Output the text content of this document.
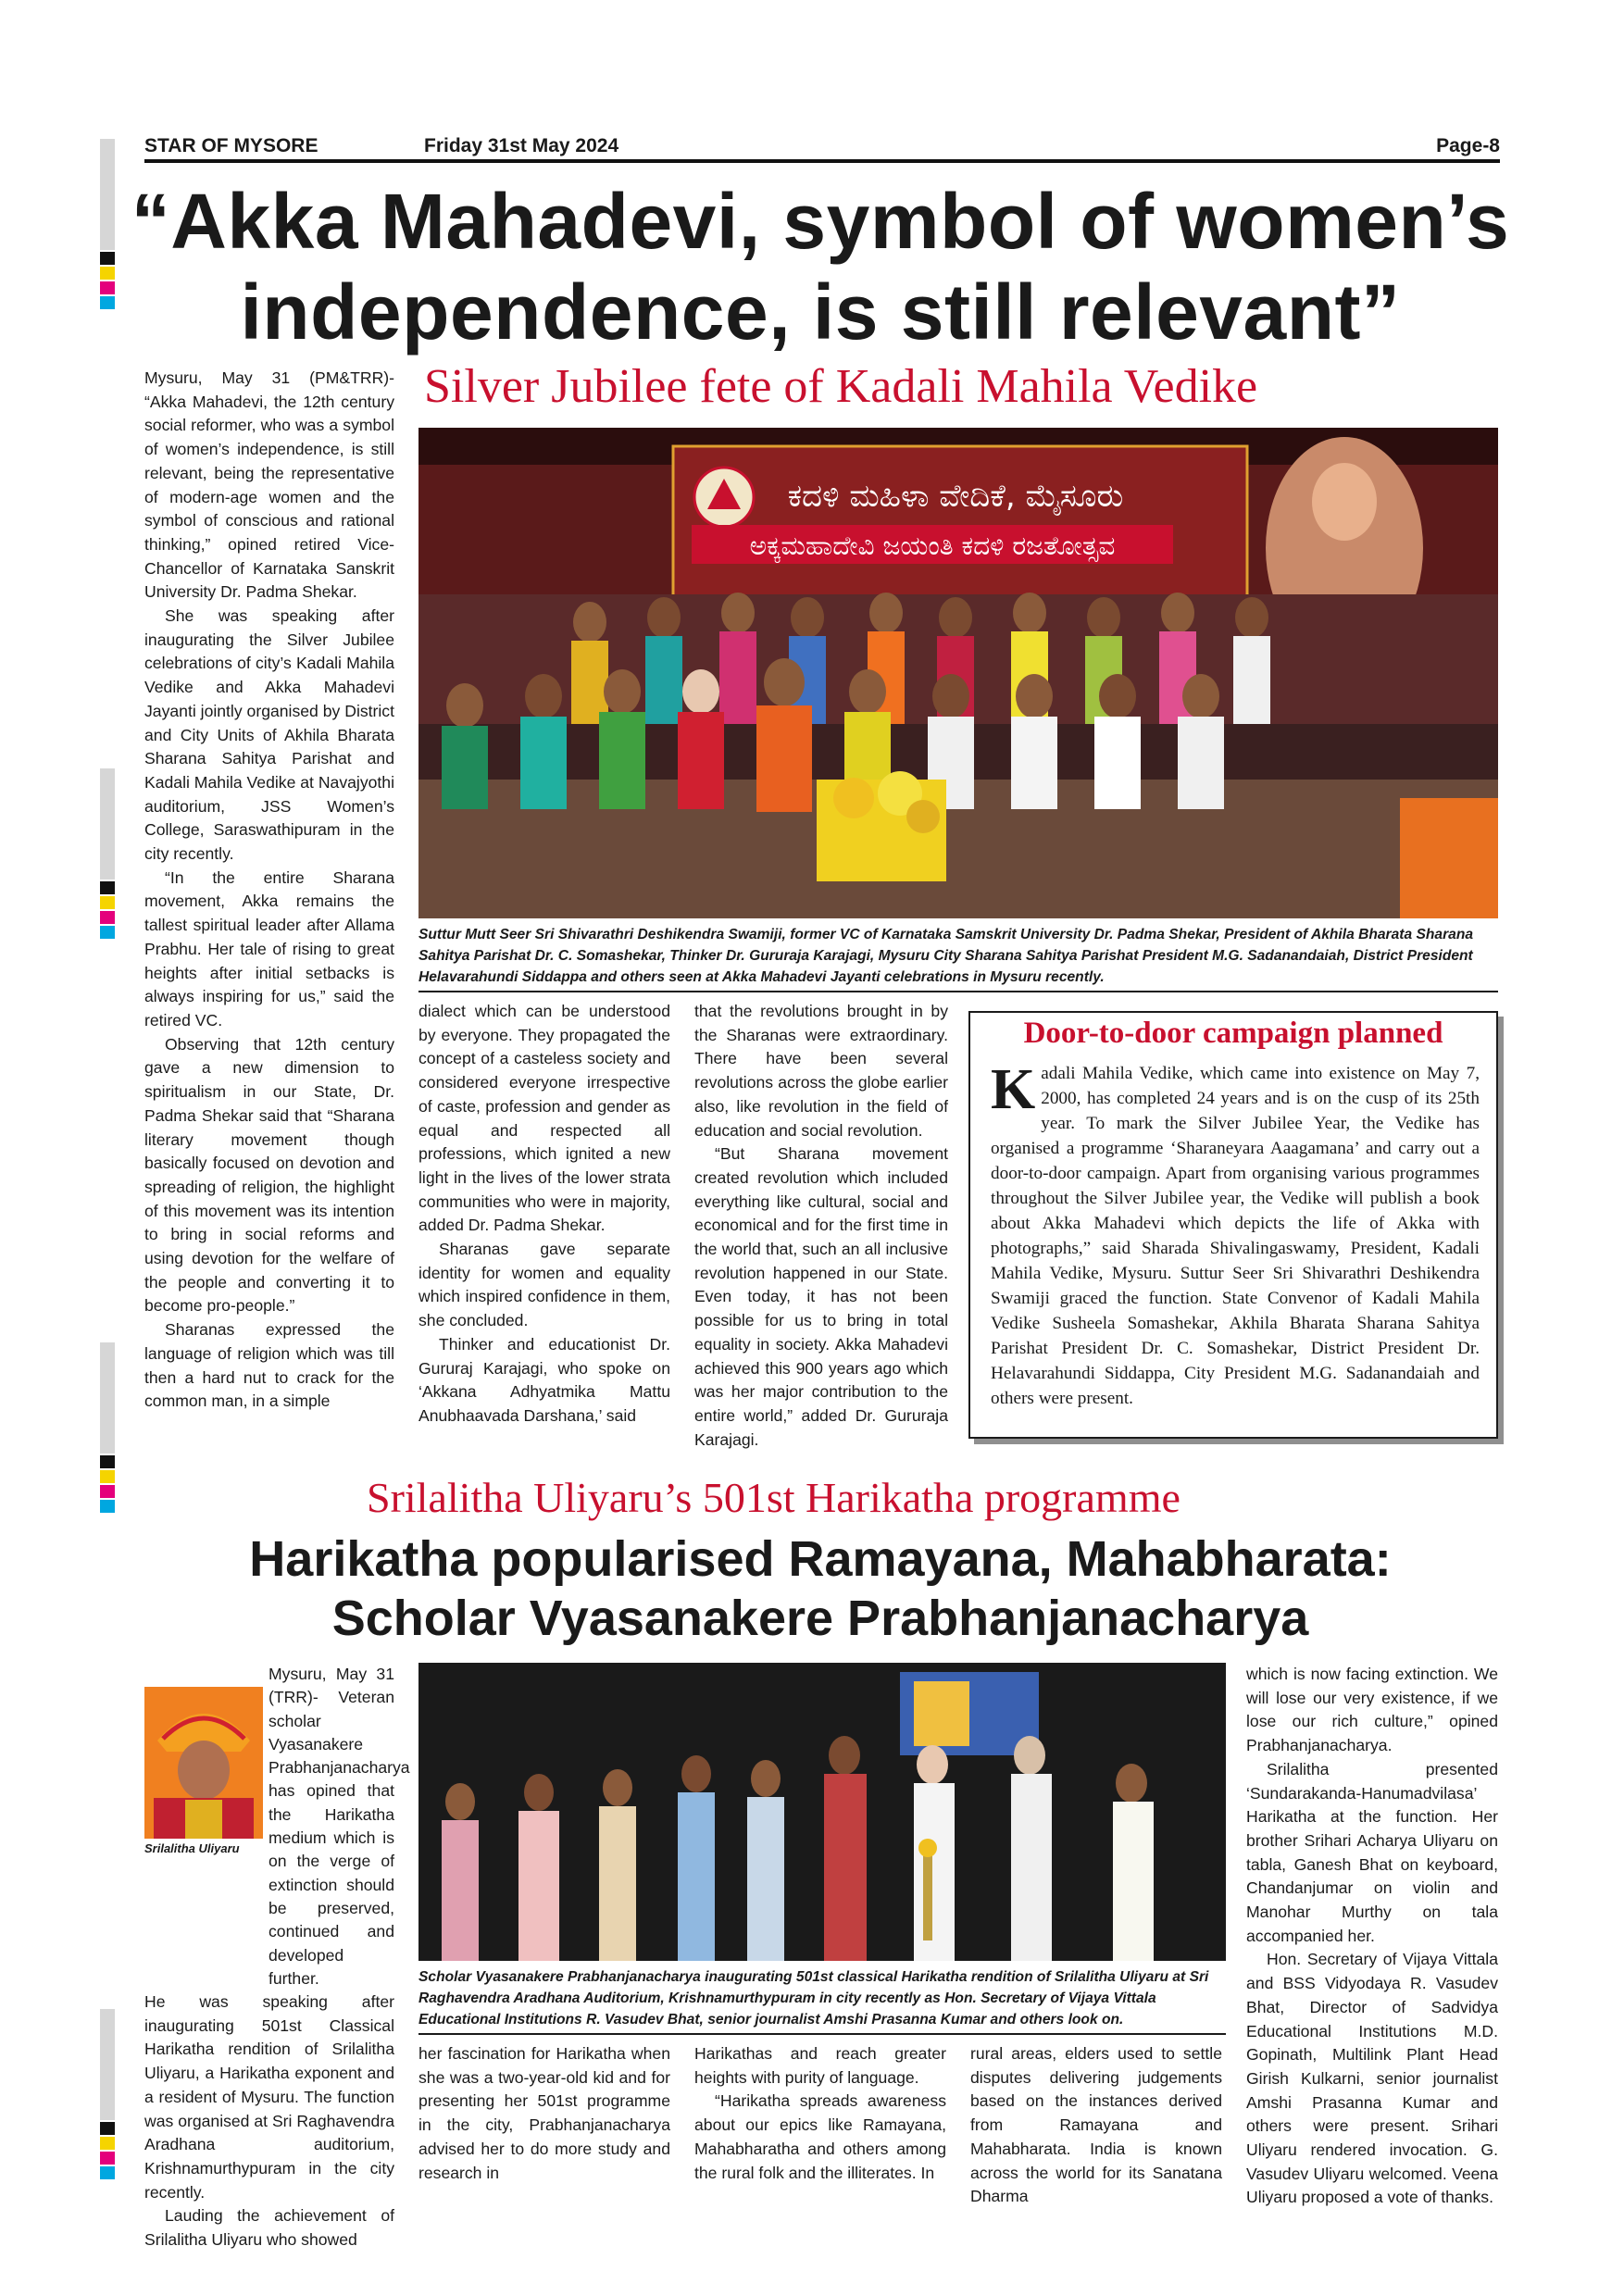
STAR OF MYSORE	Friday 31st May 2024	Page-8
“Akka Mahadevi, symbol of women’s
independence, is still relevant”
Silver Jubilee fete of Kadali Mahila Vedike

Mysuru, May 31 (PM&TRR)- “Akka Mahadevi, the 12th century social reformer, who was a symbol of women’s independence, is still relevant, being the representative of modern-age women and the symbol of conscious and rational thinking,” opined retired Vice-Chancellor of Karnataka Sanskrit University Dr. Padma Shekar.

She was speaking after inaugurating the Silver Jubilee celebrations of city’s Kadali Mahila Vedike and Akka Mahadevi Jayanti jointly organised by District and City Units of Akhila Bharata Sharana Sahitya Parishat and Kadali Mahila Vedike at Navajyothi auditorium, JSS Women’s College, Saraswathipuram in the city recently.

“In the entire Sharana movement, Akka remains the tallest spiritual leader after Allama Prabhu. Her tale of rising to great heights after initial setbacks is always inspiring for us,” said the retired VC.

Observing that 12th century gave a new dimension to spiritualism in our State, Dr. Padma Shekar said that “Sharana literary movement though basically focused on devotion and spreading of religion, the highlight of this movement was its intention to bring in social reforms and using devotion for the welfare of the people and converting it to become pro-people.”

Sharanas expressed the language of religion which was till then a hard nut to crack for the common man, in a simple

ಕದಳಿ ಮಹಿಳಾ ವೇದಿಕೆ, ಮೈಸೂರು
ಅಕ್ಕಮಹಾದೇವಿ ಜಯಂತಿ ಕದಳಿ ರಜತೋತ್ಸವ
Suttur Mutt Seer Sri Shivarathri Deshikendra Swamiji, former VC of Karnataka Samskrit University Dr. Padma Shekar, President of Akhila Bharata Sharana Sahitya Parishat Dr. C. Somashekar, Thinker Dr. Gururaja Karajagi, Mysuru City Sharana Sahitya Parishat President M.G. Sadanandaiah, District President Helavarahundi Siddappa and others seen at Akka Mahadevi Jayanti celebrations in Mysuru recently.

dialect which can be understood by everyone. They propagated the concept of a casteless society and considered everyone irrespective of caste, profession and gender as equal and respected all professions, which ignited a new light in the lives of the lower strata communities who were in majority, added Dr. Padma Shekar.

Sharanas gave separate identity for women and equality which inspired confidence in them, she concluded.

Thinker and educationist Dr. Gururaj Karajagi, who spoke on ‘Akkana Adhyatmika Mattu Anubhaavada Darshana,’ said

that the revolutions brought in by the Sharanas were extraordinary. There have been several revolutions across the globe earlier also, like revolution in the field of education and social revolution.

“But Sharana movement created revolution which included everything like cultural, social and economical and for the first time in the world that, such an all inclusive revolution happened in our State. Even today, it has not been possible for us to bring in total equality in society. Akka Mahadevi achieved this 900 years ago which was her major contribution to the entire world,” added Dr. Gururaja Karajagi.

Door-to-door campaign planned
Kadali Mahila Vedike, which came into existence on May 7, 2000, has completed 24 years and is on the cusp of its 25th year. To mark the Silver Jubilee Year, the Vedike has organised a programme ‘Sharaneyara Aaagamana’ and carry out a door-to-door campaign. Apart from organising various programmes throughout the Silver Jubilee year, the Vedike will publish a book about Akka Mahadevi which depicts the life of Akka with photographs,” said Sharada Shivalingaswamy, President, Kadali Mahila Vedike, Mysuru. Suttur Seer Sri Shivarathri Deshikendra Swamiji graced the function. State Convenor of Kadali Mahila Vedike Susheela Somashekar, Akhila Bharata Sharana Sahitya Parishat President Dr. C. Somashekar, District President Dr. Helavarahundi Siddappa, City President M.G. Sadanandaiah and others were present.
Srilalitha Uliyaru’s 501st Harikatha programme
Harikatha popularised Ramayana, Mahabharata:
Scholar Vyasanakere Prabhanjanacharya
Srilalitha Uliyaru

Mysuru, May 31 (TRR)- Veteran scholar Vyasanakere Prabhanjanacharya has opined that the Harikatha medium which is on the verge of extinction should be preserved, continued and developed further.

He was speaking after inaugurating 501st Classical Harikatha rendition of Srilalitha Uliyaru, a Harikatha exponent and a resident of Mysuru. The function was organised at Sri Raghavendra Aradhana auditorium, Krishnamurthypuram in the city recently.

Lauding the achievement of Srilalitha Uliyaru who showed

Scholar Vyasanakere Prabhanjanacharya inaugurating 501st classical Harikatha rendition of Srilalitha Uliyaru at Sri Raghavendra Aradhana Auditorium, Krishnamurthypuram in city recently as Hon. Secretary of Vijaya Vittala Educational Institutions R. Vasudev Bhat, senior journalist Amshi Prasanna Kumar and others look on.

her fascination for Harikatha when she was a two-year-old kid and for presenting her 501st programme in the city, Prabhanjanacharya advised her to do more study and research in

Harikathas and reach greater heights with purity of language.

“Harikatha spreads awareness about our epics like Ramayana, Mahabharatha and others among the rural folk and the illiterates. In

rural areas, elders used to settle disputes delivering judgements based on the instances derived from Ramayana and Mahabharata. India is known across the world for its Sanatana Dharma

which is now facing extinction. We will lose our very existence, if we lose our rich culture,” opined Prabhanjanacharya.

Srilalitha presented ‘Sundarakanda-Hanumadvilasa’ Harikatha at the function. Her brother Srihari Acharya Uliyaru on tabla, Ganesh Bhat on keyboard, Chandanjumar on violin and Manohar Murthy on tala accompanied her.

Hon. Secretary of Vijaya Vittala and BSS Vidyodaya R. Vasudev Bhat, Director of Sadvidya Educational Institutions M.D. Gopinath, Multilink Plant Head Girish Kulkarni, senior journalist Amshi Prasanna Kumar and others were present. Srihari Uliyaru rendered invocation. G. Vasudev Uliyaru welcomed. Veena Uliyaru proposed a vote of thanks.
